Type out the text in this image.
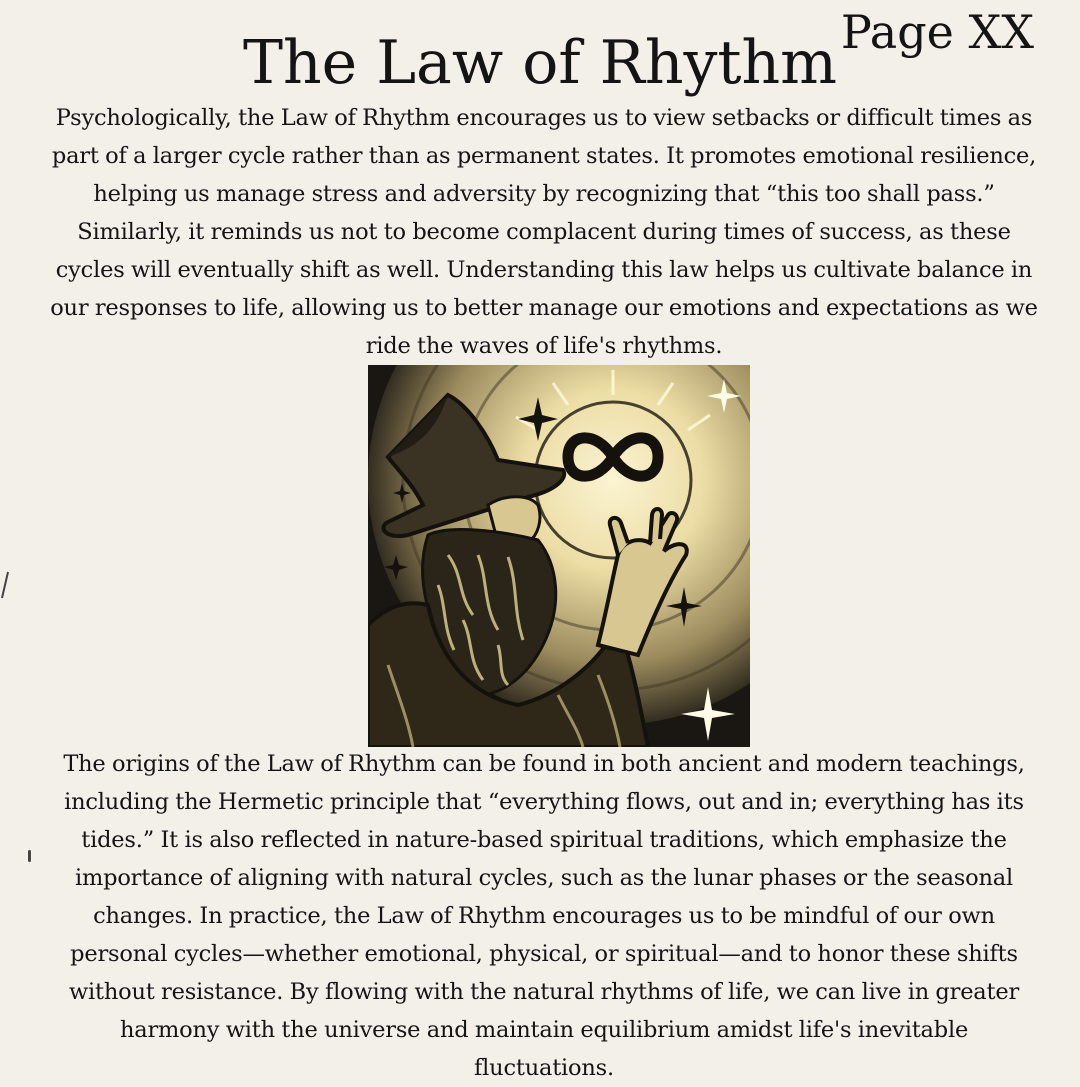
Page XX
The Law of Rhythm

Psychologically, the Law of Rhythm encourages us to view setbacks or difficult times as part of a larger cycle rather than as permanent states. It promotes emotional resilience, helping us manage stress and adversity by recognizing that “this too shall pass.” Similarly, it reminds us not to become complacent during times of success, as these cycles will eventually shift as well. Understanding this law helps us cultivate balance in our responses to life, allowing us to better manage our emotions and expectations as we ride the waves of life's rhythms.

The origins of the Law of Rhythm can be found in both ancient and modern teachings, including the Hermetic principle that “everything flows, out and in; everything has its tides.” It is also reflected in nature-based spiritual traditions, which emphasize the importance of aligning with natural cycles, such as the lunar phases or the seasonal changes. In practice, the Law of Rhythm encourages us to be mindful of our own personal cycles—whether emotional, physical, or spiritual—and to honor these shifts without resistance. By flowing with the natural rhythms of life, we can live in greater harmony with the universe and maintain equilibrium amidst life's inevitable fluctuations.
